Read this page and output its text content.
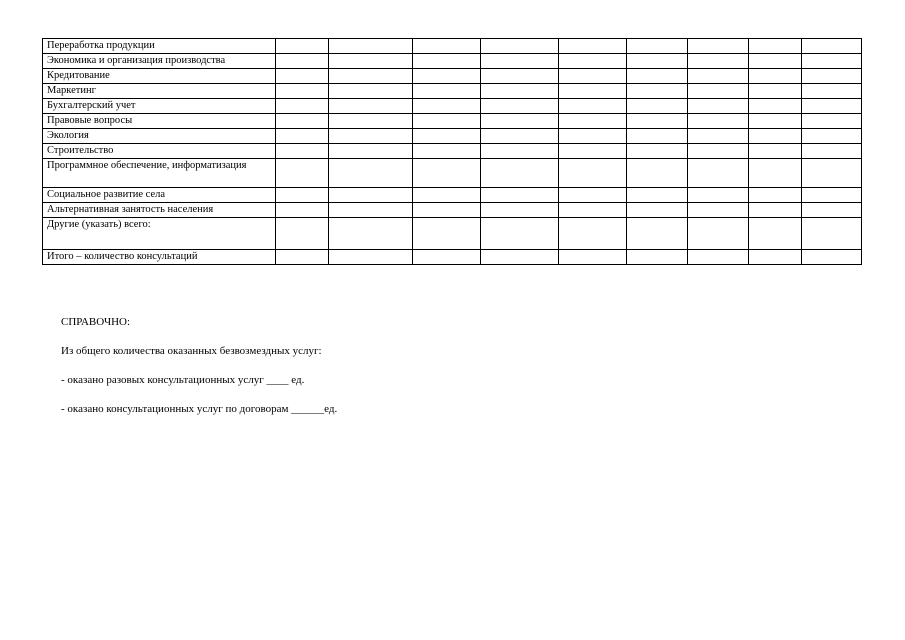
Переработка продукции									
Экономика и организация производства									
Кредитование									
Маркетинг									
Бухгалтерский учет									
Правовые вопросы									
Экология									
Строительство									
Программное обеспечение, информатизация									
Социальное развитие села									
Альтернативная занятость населения									
Другие (указать) всего:									
Итого – количество консультаций									

СПРАВОЧНО:

Из общего количества оказанных безвозмездных услуг:

- оказано разовых консультационных услуг ____ ед.

- оказано консультационных услуг по договорам ______ед.
